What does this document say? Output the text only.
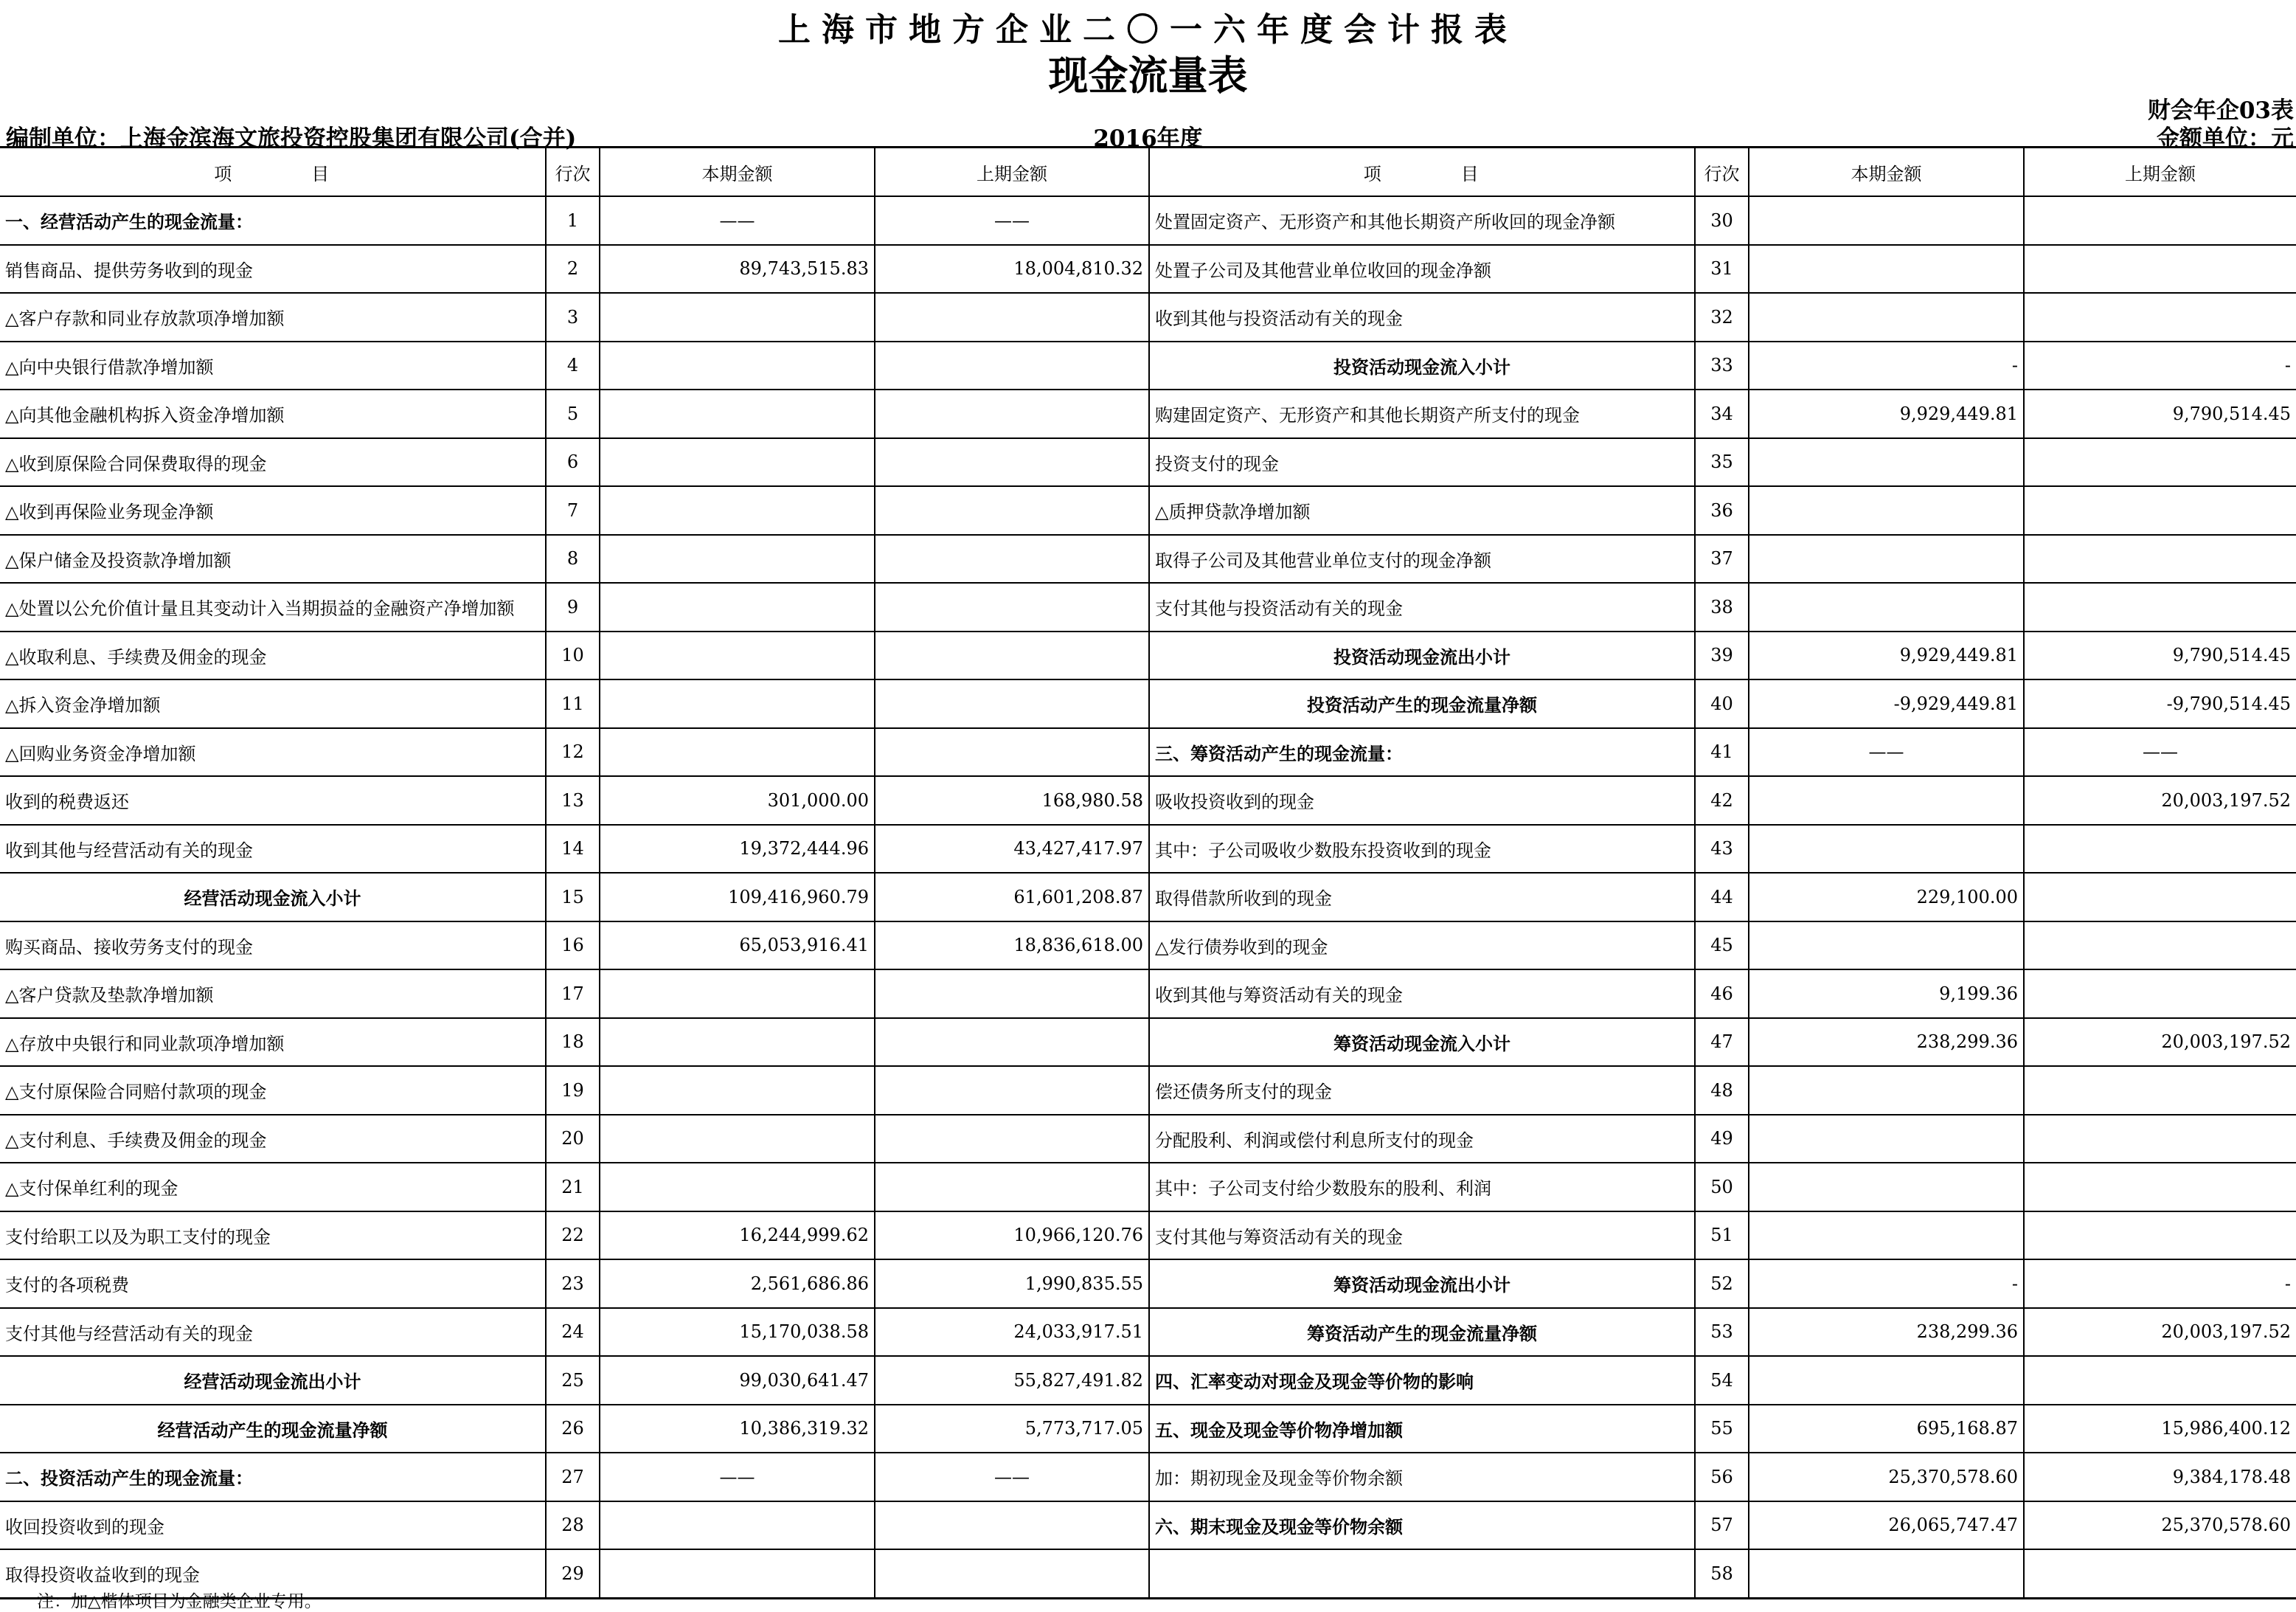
上海市地方企业二〇一六年度会计报表
现金流量表
财会年企03表
编制单位：上海金滨海文旅投资控股集团有限公司(合并)	2016年度	金额单位：元
项　　　　目	行次	本期金额	上期金额	项　　　　目	行次	本期金额	上期金额
一、经营活动产生的现金流量：	1	——	——	处置固定资产、无形资产和其他长期资产所收回的现金净额	30		
销售商品、提供劳务收到的现金	2	89,743,515.83	18,004,810.32	处置子公司及其他营业单位收回的现金净额	31		
△客户存款和同业存放款项净增加额	3			收到其他与投资活动有关的现金	32		
△向中央银行借款净增加额	4			投资活动现金流入小计	33	-	-
△向其他金融机构拆入资金净增加额	5			购建固定资产、无形资产和其他长期资产所支付的现金	34	9,929,449.81	9,790,514.45
△收到原保险合同保费取得的现金	6			投资支付的现金	35		
△收到再保险业务现金净额	7			△质押贷款净增加额	36		
△保户储金及投资款净增加额	8			取得子公司及其他营业单位支付的现金净额	37		
△处置以公允价值计量且其变动计入当期损益的金融资产净增加额	9			支付其他与投资活动有关的现金	38		
△收取利息、手续费及佣金的现金	10			投资活动现金流出小计	39	9,929,449.81	9,790,514.45
△拆入资金净增加额	11			投资活动产生的现金流量净额	40	-9,929,449.81	-9,790,514.45
△回购业务资金净增加额	12			三、筹资活动产生的现金流量：	41	——	——
收到的税费返还	13	301,000.00	168,980.58	吸收投资收到的现金	42		20,003,197.52
收到其他与经营活动有关的现金	14	19,372,444.96	43,427,417.97	其中：子公司吸收少数股东投资收到的现金	43		
经营活动现金流入小计	15	109,416,960.79	61,601,208.87	取得借款所收到的现金	44	229,100.00	
购买商品、接收劳务支付的现金	16	65,053,916.41	18,836,618.00	△发行债券收到的现金	45		
△客户贷款及垫款净增加额	17			收到其他与筹资活动有关的现金	46	9,199.36	
△存放中央银行和同业款项净增加额	18			筹资活动现金流入小计	47	238,299.36	20,003,197.52
△支付原保险合同赔付款项的现金	19			偿还债务所支付的现金	48		
△支付利息、手续费及佣金的现金	20			分配股利、利润或偿付利息所支付的现金	49		
△支付保单红利的现金	21			其中：子公司支付给少数股东的股利、利润	50		
支付给职工以及为职工支付的现金	22	16,244,999.62	10,966,120.76	支付其他与筹资活动有关的现金	51		
支付的各项税费	23	2,561,686.86	1,990,835.55	筹资活动现金流出小计	52	-	-
支付其他与经营活动有关的现金	24	15,170,038.58	24,033,917.51	筹资活动产生的现金流量净额	53	238,299.36	20,003,197.52
经营活动现金流出小计	25	99,030,641.47	55,827,491.82	四、汇率变动对现金及现金等价物的影响	54		
经营活动产生的现金流量净额	26	10,386,319.32	5,773,717.05	五、现金及现金等价物净增加额	55	695,168.87	15,986,400.12
二、投资活动产生的现金流量：	27	——	——	加：期初现金及现金等价物余额	56	25,370,578.60	9,384,178.48
收回投资收到的现金	28			六、期末现金及现金等价物余额	57	26,065,747.47	25,370,578.60
取得投资收益收到的现金	29				58		
注：加△楷体项目为金融类企业专用。
